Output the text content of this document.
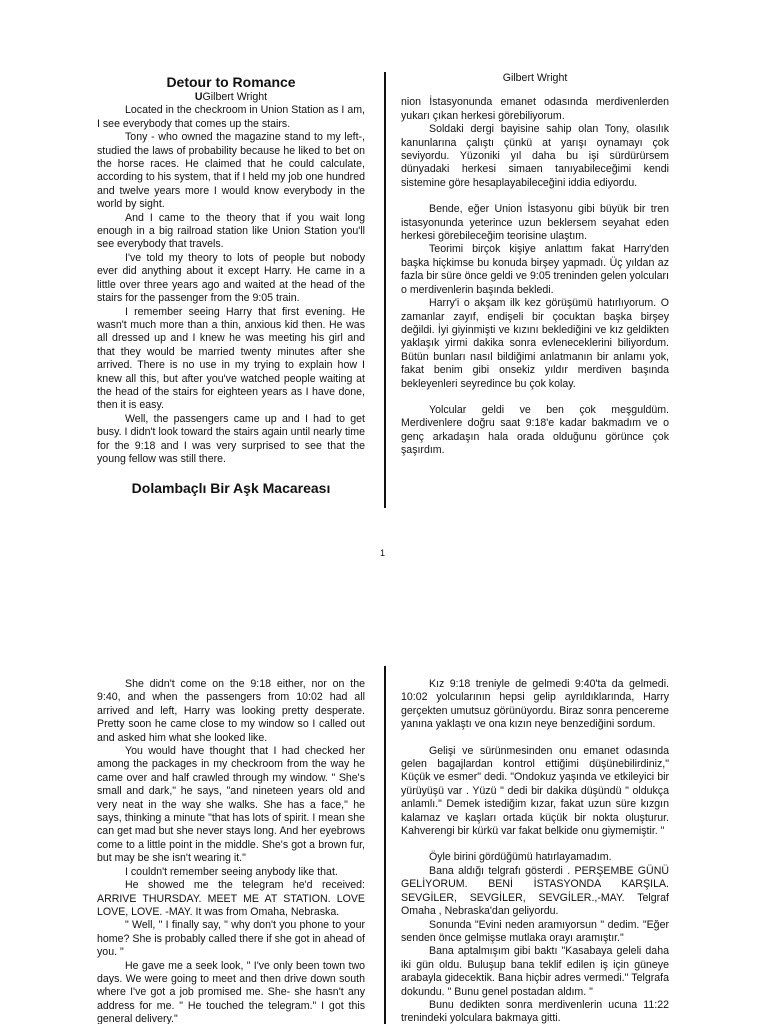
Detour to Romance
UGilbert Wright

Located in the checkroom in Union Station as I am, I see everybody that comes up the stairs.

Tony - who owned the magazine stand to my left-, studied the laws of probability because he liked to bet on the horse races. He claimed that he could calculate, according to his system, that if I held my job one hundred and twelve years more I would know everybody in the world by sight.

And I came to the theory that if you wait long enough in a big railroad station like Union Station you'll see everybody that travels.

I've told my theory to lots of people but nobody ever did anything about it except Harry. He came in a little over three years ago and waited at the head of the stairs for the passenger from the 9:05 train.

I remember seeing Harry that first evening. He wasn't much more than a thin, anxious kid then. He was all dressed up and I knew he was meeting his girl and that they would be married twenty minutes after she arrived. There is no use in my trying to explain how I knew all this, but after you've watched people waiting at the head of the stairs for eighteen years as I have done, then it is easy.

Well, the passengers came up and I had to get busy. I didn't look toward the stairs again until nearly time for the 9:18 and I was very surprised to see that the young fellow was still there.

Dolambaçlı Bir Aşk Macareası
Gilbert Wright

nion İstasyonunda emanet odasında merdivenlerden yukarı çıkan herkesi görebiliyorum.

Soldaki dergi bayisine sahip olan Tony, olasılık kanunlarına çalıştı çünkü at yarışı oynamayı çok seviyordu. Yüzoniki yıl daha bu işi sürdürürsem dünyadaki herkesi simaen tanıyabileceğimi kendi sistemine göre hesaplayabileceğini iddia ediyordu.

Bende, eğer Union İstasyonu gibi büyük bir tren istasyonunda yeterince uzun beklersem seyahat eden herkesi görebileceğim teorisine ulaştım.

Teorimi birçok kişiye anlattım fakat Harry'den başka hiçkimse bu konuda birşey yapmadı. Üç yıldan az fazla bir süre önce geldi ve 9:05 treninden gelen yolcuları o merdivenlerin başında bekledi.

Harry'i o akşam ilk kez görüşümü hatırlıyorum. O zamanlar zayıf, endişeli bir çocuktan başka birşey değildi. İyi giyinmişti ve kızını beklediğini ve kız geldikten yaklaşık yirmi dakika sonra evleneceklerini biliyordum. Bütün bunları nasıl bildiğimi anlatmanın bir anlamı yok, fakat benim gibi onsekiz yıldır merdiven başında bekleyenleri seyredince bu çok kolay.

Yolcular geldi ve ben çok meşguldüm. Merdivenlere doğru saat 9:18'e kadar bakmadım ve o genç arkadaşın hala orada olduğunu görünce çok şaşırdım.

1

She didn't come on the 9:18 either, nor on the 9:40, and when the passengers from 10:02 had all arrived and left, Harry was looking pretty desperate. Pretty soon he came close to my window so I called out and asked him what she looked like.

You would have thought that I had checked her among the packages in my checkroom from the way he came over and half crawled through my window. " She's small and dark," he says, "and nineteen years old and very neat in the way she walks. She has a face," he says, thinking a minute "that has lots of spirit. I mean she can get mad but she never stays long. And her eyebrows come to a little point in the middle. She's got a brown fur, but may be she isn't wearing it."

I couldn't remember seeing anybody like that.

He showed me the telegram he'd received: ARRIVE THURSDAY. MEET ME AT STATION. LOVE LOVE, LOVE. -MAY. It was from Omaha, Nebraska.

" Well, " I finally say, " why don't you phone to your home? She is probably called there if she got in ahead of you. "

He gave me a seek look, " I've only been town two days. We were going to meet and then drive down south where I've got a job promised me. She- she hasn't any address for me. " He touched the telegram." I got this general delivery."

Kız 9:18 treniyle de gelmedi 9:40'ta da gelmedi. 10:02 yolcularının hepsi gelip ayrıldıklarında, Harry gerçekten umutsuz görünüyordu. Biraz sonra pencereme yanına yaklaştı ve ona kızın neye benzediğini sordum.

Gelişi ve sürünmesinden onu emanet odasında gelen bagajlardan kontrol ettiğimi düşünebilirdiniz," Küçük ve esmer" dedi. "Ondokuz yaşında ve etkileyici bir yürüyüşü var . Yüzü " dedi bir dakika düşündü " oldukça anlamlı." Demek istediğim kızar, fakat uzun süre kızgın kalamaz ve kaşları ortada küçük bir nokta oluşturur. Kahverengi bir kürkü var fakat belkide onu giymemiştir. "

Öyle birini gördüğümü hatırlayamadım.

Bana aldığı telgrafı gösterdi . PERŞEMBE GÜNÜ GELİYORUM. BENİ İSTASYONDA KARŞILA. SEVGİLER, SEVGİLER, SEVGİLER.,-MAY. Telgraf Omaha , Nebraska'dan geliyordu.

Sonunda "Evini neden aramıyorsun " dedim. "Eğer senden önce gelmişse mutlaka orayı aramıştır."

Bana aptalmışım gibi baktı "Kasabaya geleli daha iki gün oldu. Buluşup bana teklif edilen iş için güneye arabayla gidecektik. Bana hiçbir adres vermedi." Telgrafa dokundu. " Bunu genel postadan aldım. "

Bunu dedikten sonra merdivenlerin ucuna 11:22 trenindeki yolculara bakmaya gitti.
